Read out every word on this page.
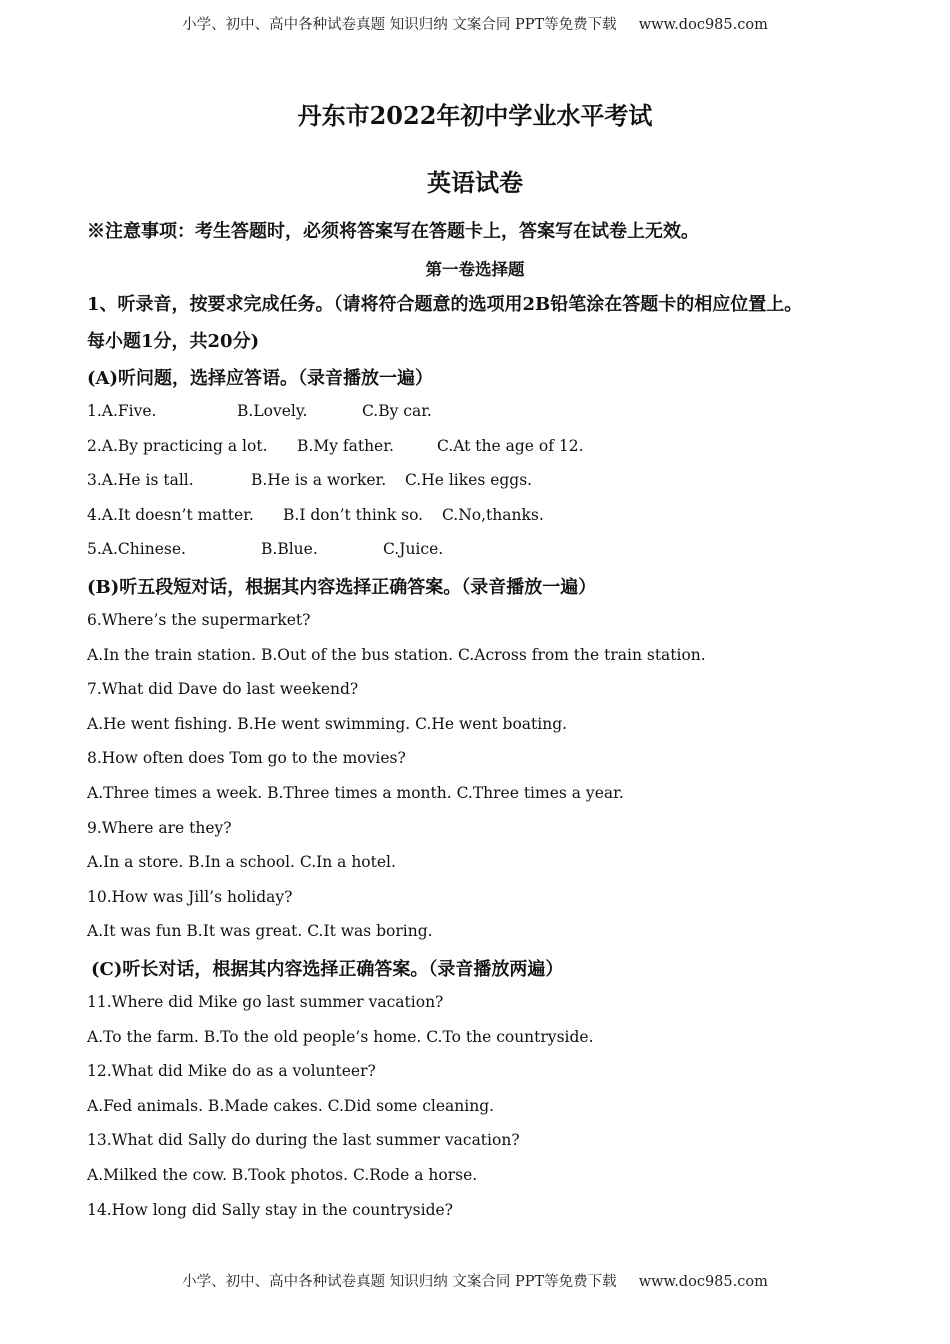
小学、初中、高中各种试卷真题 知识归纳 文案合同 PPT等免费下载 www.doc985.com
丹东市2022年初中学业水平考试
英语试卷
※注意事项：考生答题时，必须将答案写在答题卡上，答案写在试卷上无效。
第一卷选择题
1、听录音，按要求完成任务。（请将符合题意的选项用2B铅笔涂在答题卡的相应位置上。
每小题1分，共20分)
(A)听问题，选择应答语。（录音播放一遍）
1.A.Five.	B.Lovely.	C.By car.
2.A.By practicing a lot. B.My father.	C.At the age of 12.
3.A.He is tall.	B.He is a worker. C.He likes eggs.
4.A.It doesn’t matter. B.I don’t think so. C.No,thanks.
5.A.Chinese.	B.Blue.	C.Juice.
(B)听五段短对话，根据其内容选择正确答案。（录音播放一遍）
6.Where’s the supermarket?
A.In the train station. B.Out of the bus station. C.Across from the train station.
7.What did Dave do last weekend?
A.He went fishing. B.He went swimming. C.He went boating.
8.How often does Tom go to the movies?
A.Three times a week. B.Three times a month. C.Three times a year.
9.Where are they?
A.In a store. B.In a school. C.In a hotel.
10.How was Jill’s holiday?
A.It was fun B.It was great. C.It was boring.
(C)听长对话，根据其内容选择正确答案。（录音播放两遍）
11.Where did Mike go last summer vacation?
A.To the farm. B.To the old people’s home. C.To the countryside.
12.What did Mike do as a volunteer?
A.Fed animals. B.Made cakes. C.Did some cleaning.
13.What did Sally do during the last summer vacation?
A.Milked the cow. B.Took photos. C.Rode a horse.
14.How long did Sally stay in the countryside?
小学、初中、高中各种试卷真题 知识归纳 文案合同 PPT等免费下载 www.doc985.com
